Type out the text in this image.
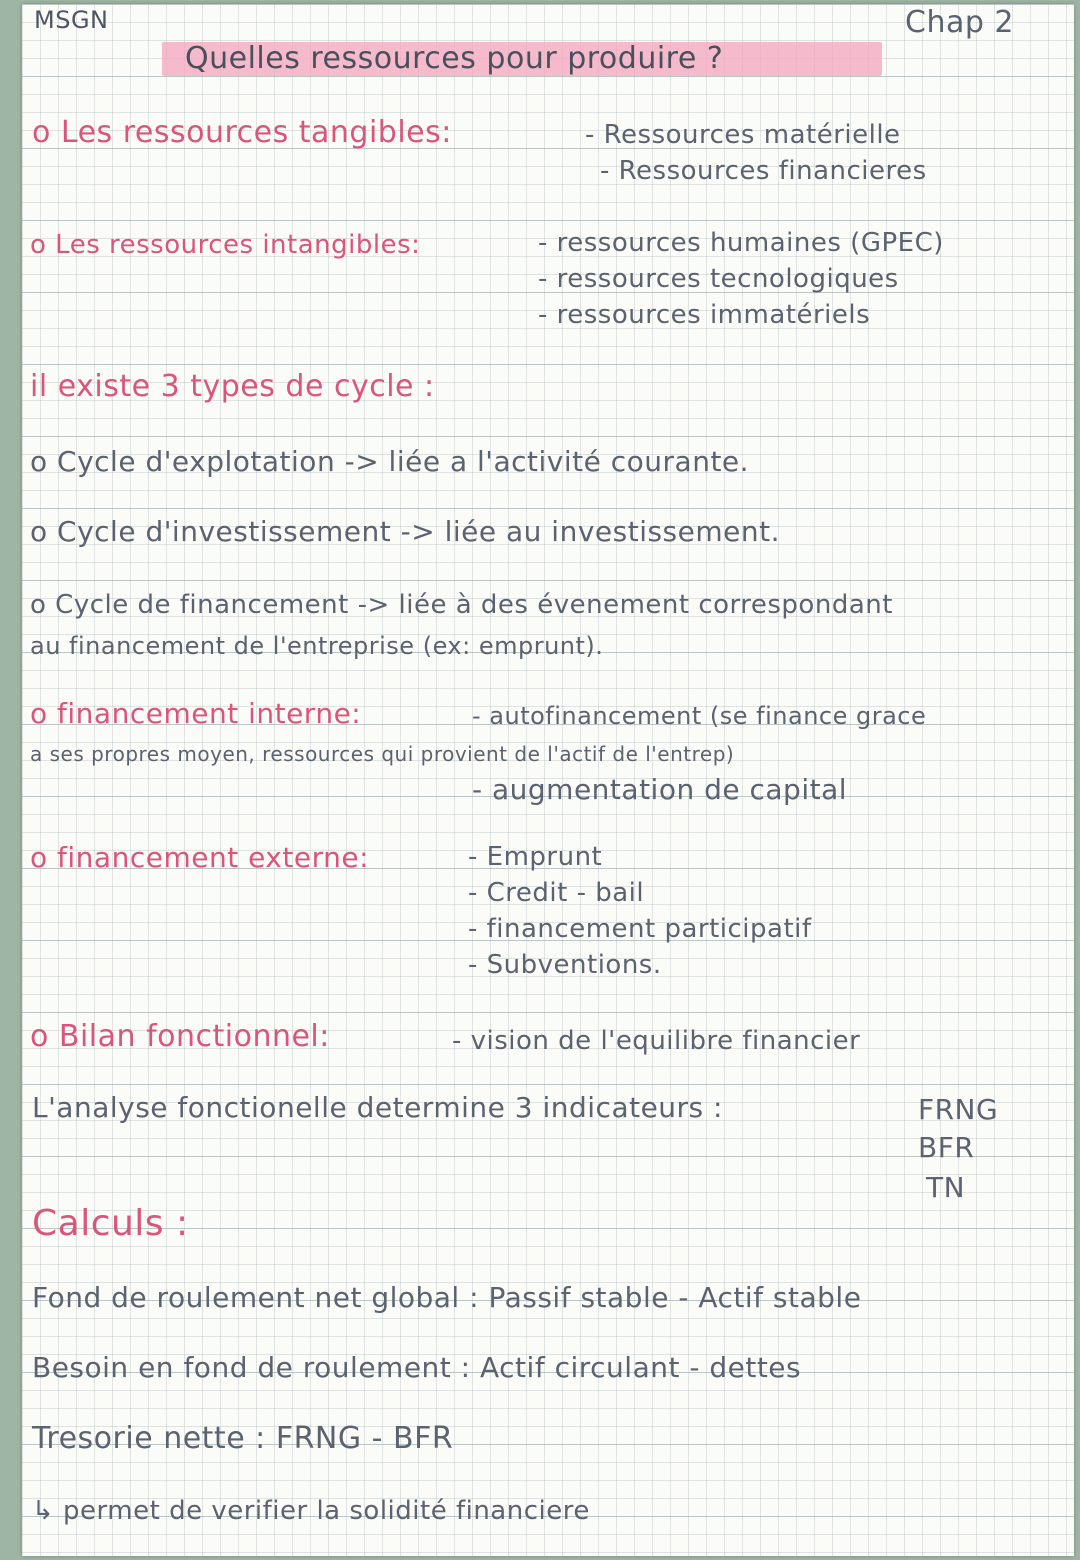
MSGN	Chap 2
Quelles ressources pour produire ?
o Les ressources tangibles:	- Ressources matérielle
- Ressources financieres
o Les ressources intangibles:	- ressources humaines (GPEC)
- ressources tecnologiques
- ressources immatériels
il existe 3 types de cycle :
o Cycle d'explotation -> liée a l'activité courante.
o Cycle d'investissement -> liée au investissement.
o Cycle de financement -> liée à des évenement correspondant
au financement de l'entreprise (ex: emprunt).
o financement interne:	- autofinancement (se finance grace
a ses propres moyen, ressources qui provient de l'actif de l'entrep)
- augmentation de capital
o financement externe:	- Emprunt
- Credit - bail
- financement participatif
- Subventions.
o Bilan fonctionnel:	- vision de l'equilibre financier
L'analyse fonctionelle determine 3 indicateurs :	FRNG
BFR
TN
Calculs :
Fond de roulement net global : Passif stable - Actif stable
Besoin en fond de roulement : Actif circulant - dettes
Tresorie nette : FRNG - BFR
↳ permet de verifier la solidité financiere
